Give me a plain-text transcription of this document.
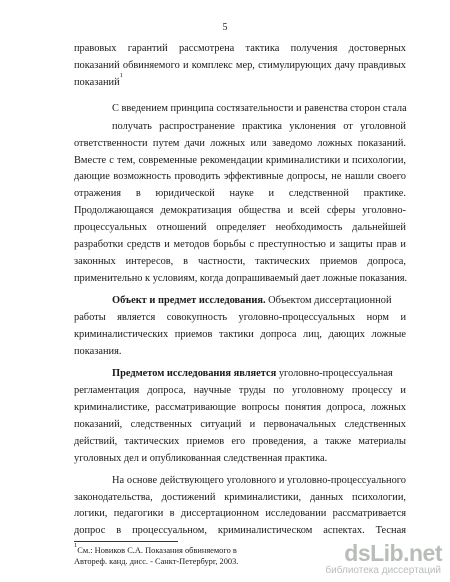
5
правовых гарантий рассмотрена тактика получения достоверных
показаний обвиняемого и комплекс мер, стимулирующих дачу правдивых
показаний$^1$
С введением принципа состязательности и равенства сторон стала
получать распространение практика уклонения от уголовной
ответственности путем дачи ложных или заведомо ложных показаний.
Вместе с тем, современные рекомендации криминалистики и психологии,
дающие возможность проводить эффективные допросы, не нашли своего
отражения в юридической науке и следственной практике.
Продолжающаяся демократизация общества и всей сферы уголовно-
процессуальных отношений определяет необходимость дальнейшей
разработки средств и методов борьбы с преступностью и защиты прав и
законных интересов, в частности, тактических приемов допроса,
применительно к условиям, когда допрашиваемый дает ложные показания.
Объект и предмет исследования. Объектом диссертационной
работы является совокупность уголовно-процессуальных норм и
криминалистических приемов тактики допроса лиц, дающих ложные
показания.
Предметом исследования является уголовно-процессуальная
регламентация допроса, научные труды по уголовному процессу и
криминалистике, рассматривающие вопросы понятия допроса, ложных
показаний, следственных ситуаций и первоначальных следственных
действий, тактических приемов его проведения, а также материалы
уголовных дел и опубликованная следственная практика.
На основе действующего уголовного и уголовно-процессуального
законодательства, достижений криминалистики, данных психологии,
логики, педагогики в диссертационном исследовании рассматривается
допрос в процессуальном, криминалистическом аспектах. Тесная
$^1$См.: Новиков С.А. Показания обвиняемого в
Автореф. канд. дисс. - Санкт-Петербург, 2003.	dsLib.net
библиотека диссертаций
